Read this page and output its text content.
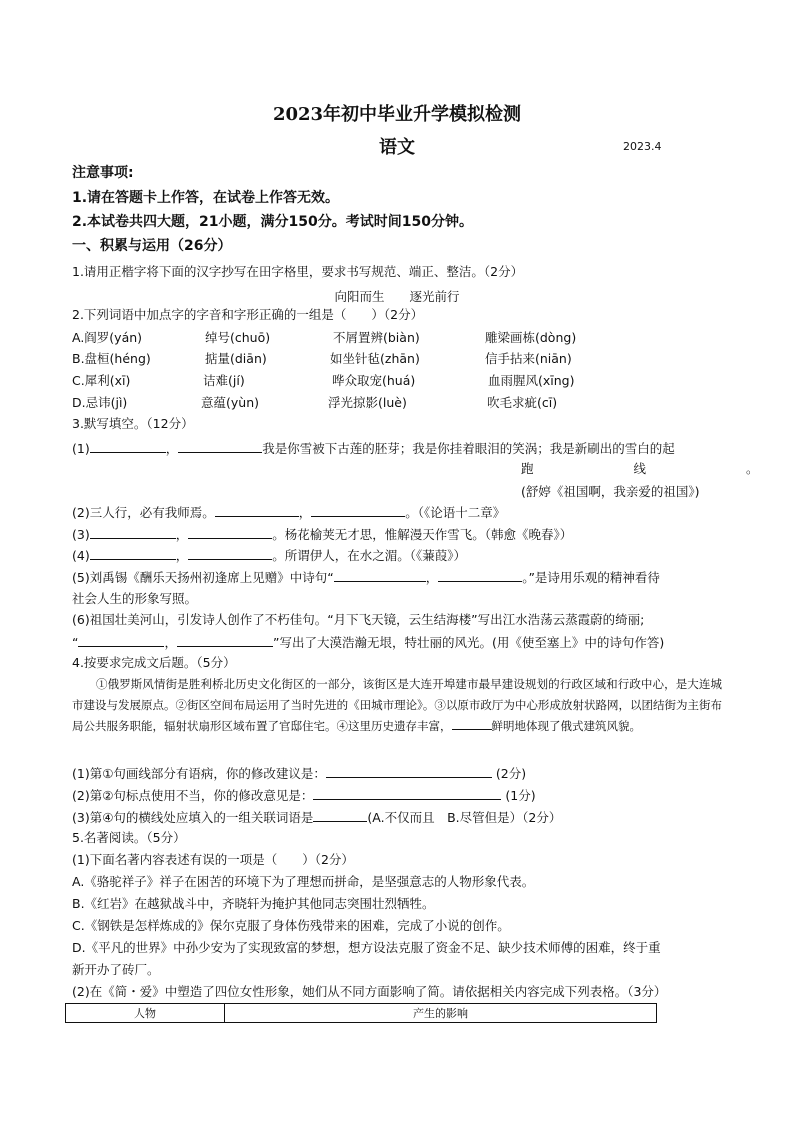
2023年初中毕业升学模拟检测
语文	2023.4
注意事项:
1.请在答题卡上作答，在试卷上作答无效。
2.本试卷共四大题，21小题，满分150分。考试时间150分钟。
一、积累与运用（26分）
1.请用正楷字将下面的汉字抄写在田字格里，要求书写规范、端正、整洁。（2分）
向阳而生　　逐光前行
2.下列词语中加点字的字音和字形正确的一组是（　　）（2分）
A.阎罗(yán)	绰号(chuō)	不屑置辨(biàn)	雕梁画栋(dòng)
B.盘桓(héng)	掂量(diān)	如坐针毡(zhān)	信手拈来(niān)
C.犀利(xī)	诘难(jí)	哗众取宠(huá)	血雨腥风(xīng)
D.忌讳(jì)	意蕴(yùn)	浮光掠影(luè)	吹毛求疵(cī)
3.默写填空。（12分）
(1)	，	我是你雪被下古莲的胚芽；我是你挂着眼泪的笑涡；我是新刷出的雪白的起
跑　　　　　　　　线　　　　　　　　。
(舒婷《祖国啊，我亲爱的祖国》)
(2)三人行，必有我师焉。	，	。（《论语十二章》
(3)	，	。杨花榆荚无才思，惟解漫天作雪飞。（韩愈《晚春》）
(4)	，	。所谓伊人，在水之湄。（《蒹葭》）
(5)刘禹锡《酬乐天扬州初逢席上见赠》中诗句“	，	。”是诗用乐观的精神看待
社会人生的形象写照。
(6)祖国壮美河山，引发诗人创作了不朽佳句。“月下飞天镜，云生结海楼”写出江水浩荡云蒸霞蔚的绮丽;
“	，	”写出了大漠浩瀚无垠，特壮丽的风光。(用《使至塞上》中的诗句作答)
4.按要求完成文后题。（5分）
①俄罗斯风情街是胜利桥北历史文化街区的一部分，该街区是大连开埠建市最早建设规划的行政区域和行政中心，是大连城市建设与发展原点。②街区空间布局运用了当时先进的《田城市理论》。③以原市政厅为中心形成放射状路网，以团结街为主街布局公共服务职能，辐射状扇形区域布置了官邸住宅。④这里历史遗存丰富，	鲜明地体现了俄式建筑风貌。
(1)第①句画线部分有语病，你的修改建议是：	(2分)
(2)第②句标点使用不当，你的修改意见是：	(1分)
(3)第④句的横线处应填入的一组关联词语是	(A.不仅而且　B.尽管但是）（2分）
5.名著阅读。（5分）
(1)下面名著内容表述有误的一项是（　　）（2分）
A.《骆驼祥子》祥子在困苦的环境下为了理想而拼命，是坚强意志的人物形象代表。
B.《红岩》在越狱战斗中，齐晓轩为掩护其他同志突围壮烈牺牲。
C.《钢铁是怎样炼成的》保尔克服了身体伤残带来的困难，完成了小说的创作。
D.《平凡的世界》中孙少安为了实现致富的梦想，想方设法克服了资金不足、缺少技术师傅的困难，终于重
新开办了砖厂。
(2)在《简・爱》中塑造了四位女性形象，她们从不同方面影响了简。请依据相关内容完成下列表格。（3分）
人物	产生的影响
